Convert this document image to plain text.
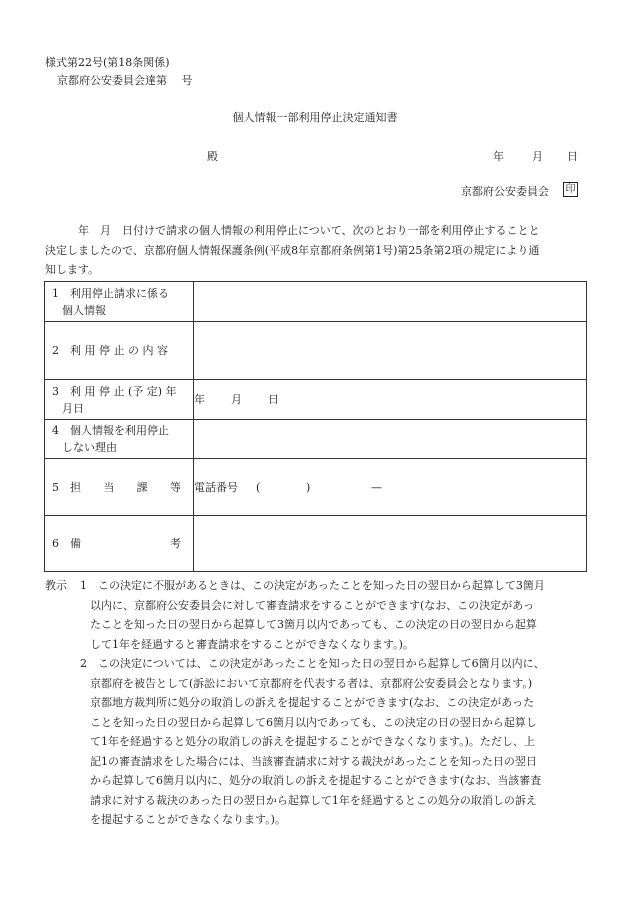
様式第22号(第18条関係)
京都府公安委員会達第　 号
個人情報一部利用停止決定通知書
殿	年	月 日
京都府公安委員会 印
　　　年　月　日付けで請求の個人情報の利用停止について、次のとおり一部を利用停止することと
決定しましたので、京都府個人情報保護条例(平成8年京都府条例第1号)第25条第2項の規定により通
知します。
1　利用停止請求に係る
個人情報	

2　利 用 停 止 の 内 容	

3　利 用 停 止 (予 定) 年
月日	年 月 日

4　個人情報を利用停止
しない理由	

5　担 当 課 等	電話番号 ( ) —

6　備 考	

教示 1 この決定に不服があるときは、この決定があったことを知った日の翌日から起算して3箇月
以内に、京都府公安委員会に対して審査請求をすることができます(なお、この決定があっ
たことを知った日の翌日から起算して3箇月以内であっても、この決定の日の翌日から起算
して1年を経過すると審査請求をすることができなくなります。)。
2 この決定については、この決定があったことを知った日の翌日から起算して6箇月以内に、
京都府を被告として(訴訟において京都府を代表する者は、京都府公安委員会となります。)
京都地方裁判所に処分の取消しの訴えを提起することができます(なお、この決定があった
ことを知った日の翌日から起算して6箇月以内であっても、この決定の日の翌日から起算し
て1年を経過すると処分の取消しの訴えを提起することができなくなります。)。ただし、上
記1の審査請求をした場合には、当該審査請求に対する裁決があったことを知った日の翌日
から起算して6箇月以内に、処分の取消しの訴えを提起することができます(なお、当該審査
請求に対する裁決のあった日の翌日から起算して1年を経過するとこの処分の取消しの訴え
を提起することができなくなります。)。
